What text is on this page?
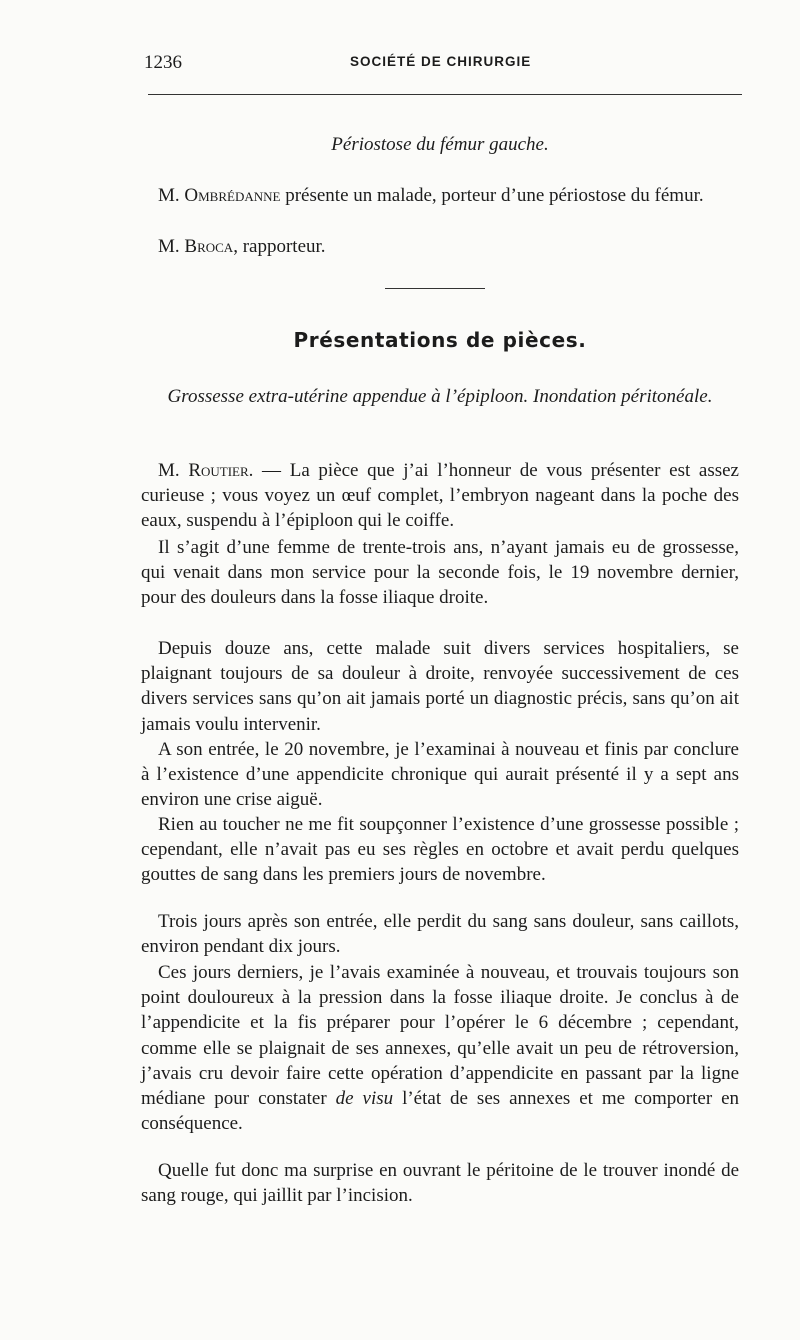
1236	SOCIÉTÉ DE CHIRURGIE
Périostose du fémur gauche.
M. Ombrédanne présente un malade, porteur d’une périostose du fémur.
M. Broca, rapporteur.
Présentations de pièces.
Grossesse extra-utérine appendue à l’épiploon. Inondation péritonéale.
M. Routier. — La pièce que j’ai l’honneur de vous présenter est assez curieuse ; vous voyez un œuf complet, l’embryon nageant dans la poche des eaux, suspendu à l’épiploon qui le coiffe.
Il s’agit d’une femme de trente-trois ans, n’ayant jamais eu de grossesse, qui venait dans mon service pour la seconde fois, le 19 novembre dernier, pour des douleurs dans la fosse iliaque droite.
Depuis douze ans, cette malade suit divers services hospitaliers, se plaignant toujours de sa douleur à droite, renvoyée successivement de ces divers services sans qu’on ait jamais porté un diagnostic précis, sans qu’on ait jamais voulu intervenir.
A son entrée, le 20 novembre, je l’examinai à nouveau et finis par conclure à l’existence d’une appendicite chronique qui aurait présenté il y a sept ans environ une crise aiguë.
Rien au toucher ne me fit soupçonner l’existence d’une grossesse possible ; cependant, elle n’avait pas eu ses règles en octobre et avait perdu quelques gouttes de sang dans les premiers jours de novembre.
Trois jours après son entrée, elle perdit du sang sans douleur, sans caillots, environ pendant dix jours.
Ces jours derniers, je l’avais examinée à nouveau, et trouvais toujours son point douloureux à la pression dans la fosse iliaque droite. Je conclus à de l’appendicite et la fis préparer pour l’opérer le 6 décembre ; cependant, comme elle se plaignait de ses annexes, qu’elle avait un peu de rétroversion, j’avais cru devoir faire cette opération d’appendicite en passant par la ligne médiane pour constater de visu l’état de ses annexes et me comporter en conséquence.
Quelle fut donc ma surprise en ouvrant le péritoine de le trouver inondé de sang rouge, qui jaillit par l’incision.
